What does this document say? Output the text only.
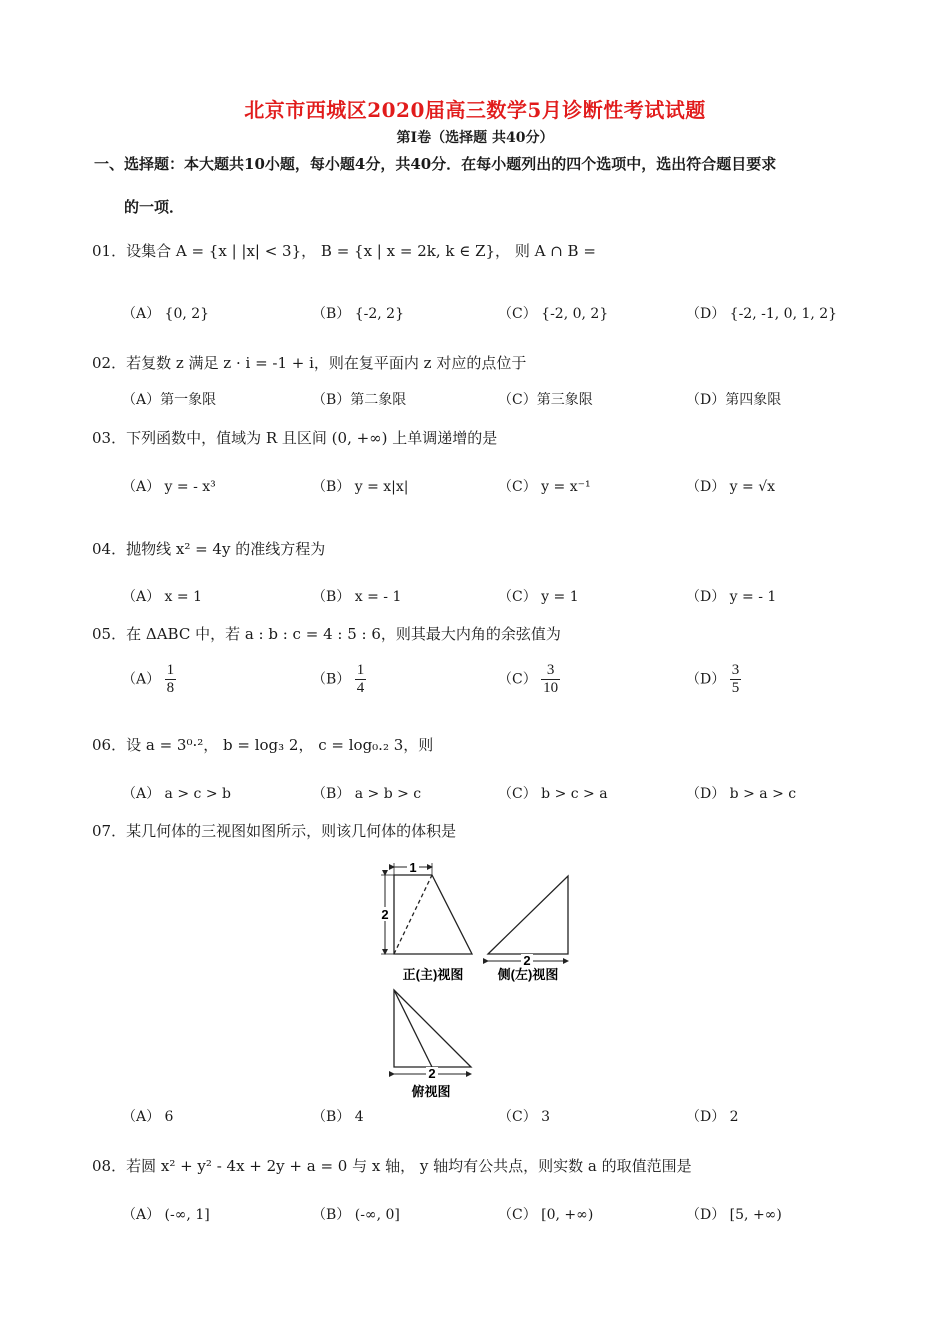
北京市西城区2020届高三数学5月诊断性考试试题
第Ⅰ卷（选择题 共40分）
一、选择题：本大题共10小题，每小题4分，共40分．在每小题列出的四个选项中，选出符合题目要求
的一项．
01．设集合 A = {x | |x| < 3}， B = {x | x = 2k, k ∈ Z}， 则 A ∩ B =
（A） {0, 2}	（B） {-2, 2}	（C） {-2, 0, 2}	（D） {-2, -1, 0, 1, 2}
02．若复数 z 满足 z · i = -1 + i，则在复平面内 z 对应的点位于
（A）第一象限	（B）第二象限	（C）第三象限	（D）第四象限
03．下列函数中，值域为 R 且区间 (0, +∞) 上单调递增的是
（A） y = - x³	（B） y = x|x|	（C） y = x⁻¹	（D） y = √x
04．抛物线 x² = 4y 的准线方程为
（A） x = 1	（B） x = - 1	（C） y = 1	（D） y = - 1
05．在 ΔABC 中，若 a : b : c = 4 : 5 : 6，则其最大内角的余弦值为
$(A) \frac{1}{8}$	$(B) \frac{1}{4}$	$(C) \frac{3}{10}$	$(D) \frac{3}{5}$
06．设 a = 3⁰·²， b = log₃ 2， c = log₀.₂ 3，则
（A） a > c > b	（B） a > b > c	（C） b > c > a	（D） b > a > c
07．某几何体的三视图如图所示，则该几何体的体积是
1
2
正(主)视图
2
侧(左)视图
2
俯视图
（A） 6	（B） 4	（C） 3	（D） 2
08．若圆 x² + y² - 4x + 2y + a = 0 与 x 轴， y 轴均有公共点，则实数 a 的取值范围是
（A） (-∞, 1]	（B） (-∞, 0]	（C） [0, +∞)	（D） [5, +∞)
